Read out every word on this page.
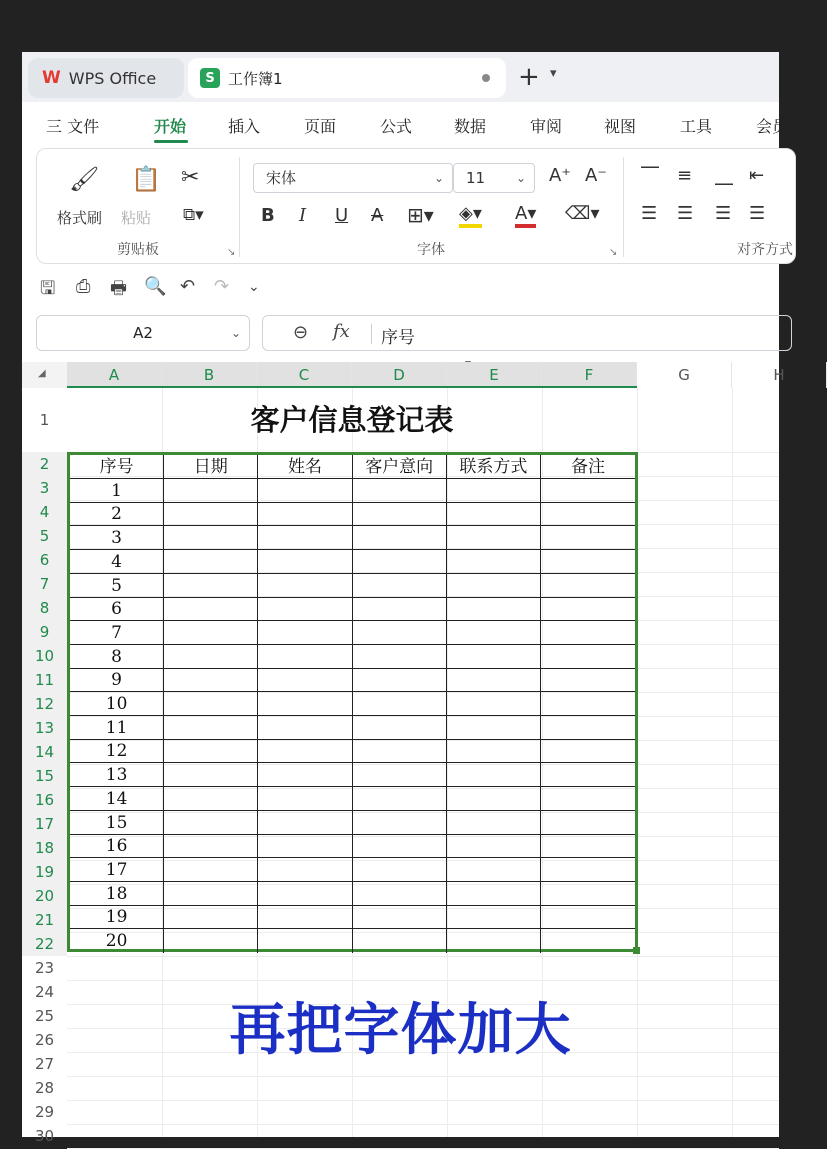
W WPS Office	S 工作簿1	+ ▾
三 文件	开始	插入	页面	公式	数据	审阅	视图	工具	会员
🖌
格式刷
📋
粘贴
✂
⧉▾
剪贴板	↘
宋体	⌄	11	⌄ A⁺ A⁻
B I U A ⊞▾ ◈▾ A▾ ⌫▾
字体	↘
⎺ ≡ ⎽ ⇤
☰ ☰ ☰ ☰
对齐方式
🖫 ⎙ 🖶 🔍 ↶ ↷ ⌄
A2	⌄	⊖ fx 序号
◢	A	B	C	D	E	F	G	H
1
2
3
4
5
6
7
8
9
10
11
12
13
14
15
16
17
18
19
20
21
22
23
24
25
26
27
28
29
30
客户信息登记表
序号	日期	姓名	客户意向	联系方式	备注
1
2
3
4
5
6
7
8
9
10
11
12
13
14
15
16
17
18
19
20
再把字体加大
